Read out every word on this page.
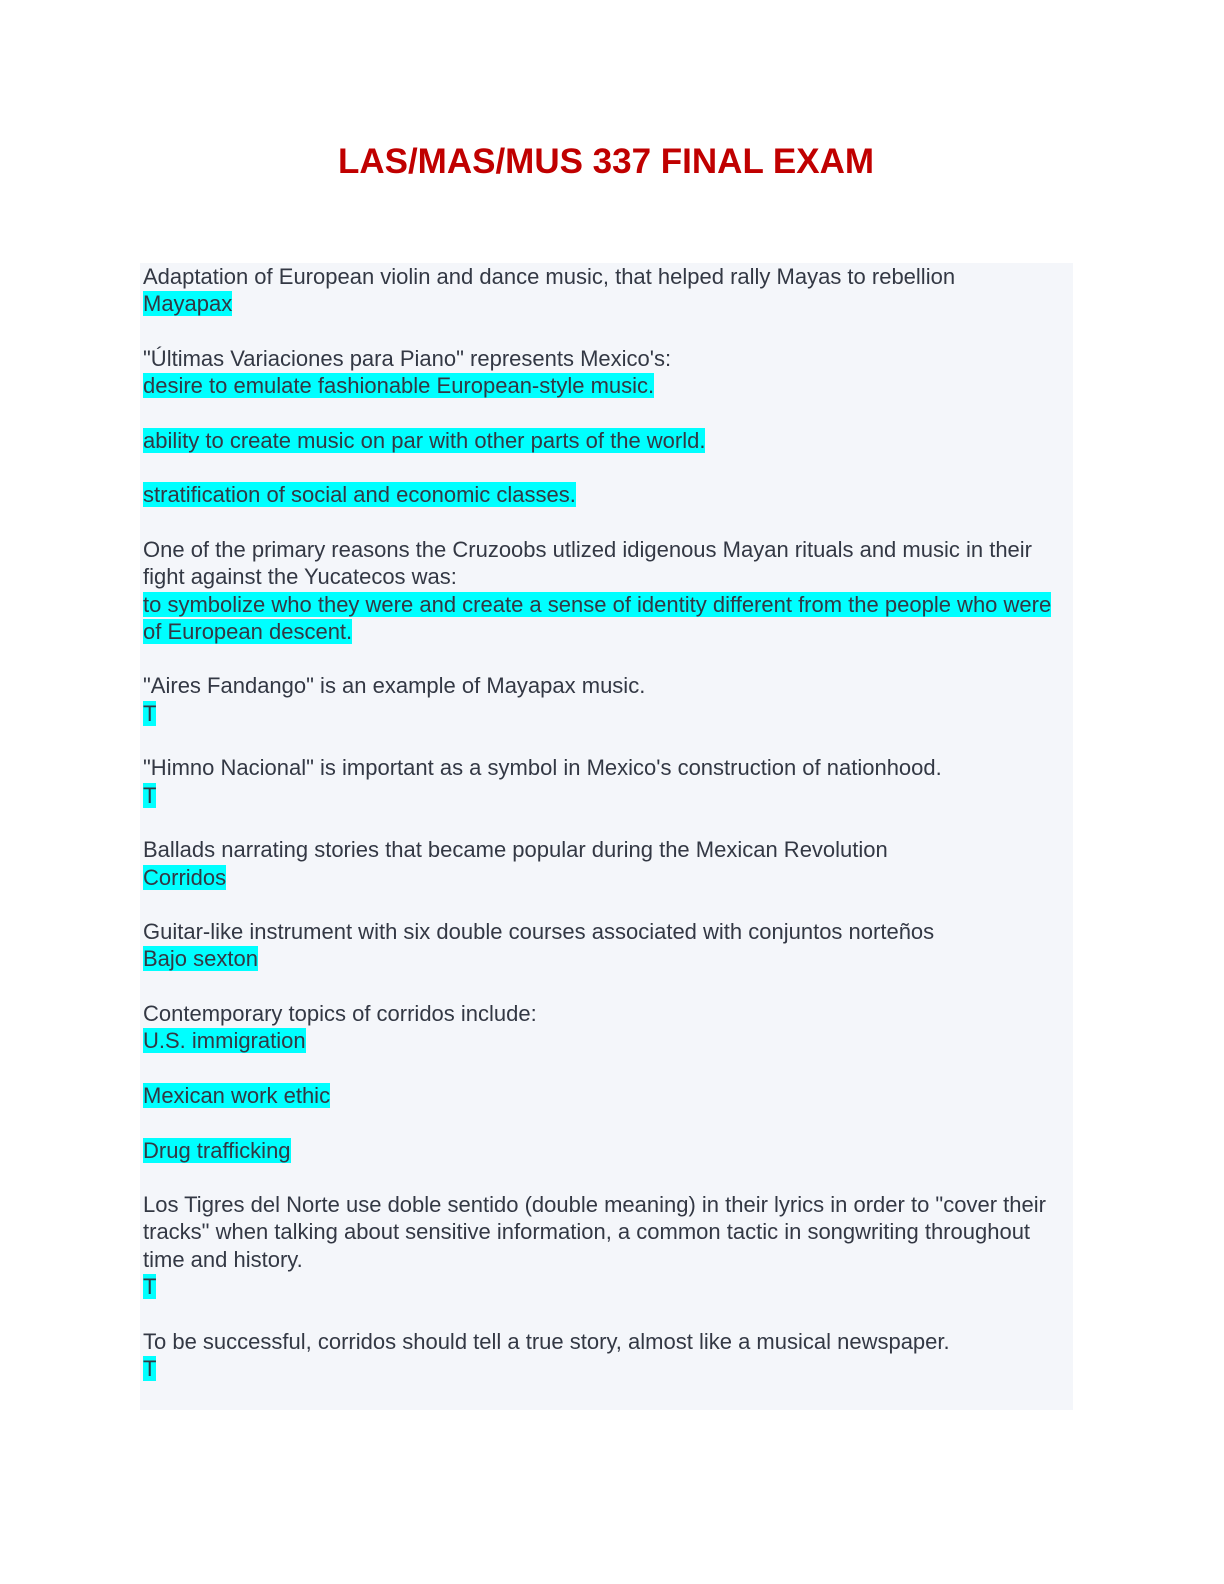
LAS/MAS/MUS 337 FINAL EXAM
Adaptation of European violin and dance music, that helped rally Mayas to rebellion
Mayapax
"Últimas Variaciones para Piano" represents Mexico's:
desire to emulate fashionable European-style music.
ability to create music on par with other parts of the world.
stratification of social and economic classes.
One of the primary reasons the Cruzoobs utlized idigenous Mayan rituals and music in their fight against the Yucatecos was:
to symbolize who they were and create a sense of identity different from the people who were of European descent.
"Aires Fandango" is an example of Mayapax music.
T
"Himno Nacional" is important as a symbol in Mexico's construction of nationhood.
T
Ballads narrating stories that became popular during the Mexican Revolution
Corridos
Guitar-like instrument with six double courses associated with conjuntos norteños
Bajo sexton
Contemporary topics of corridos include:
U.S. immigration
Mexican work ethic
Drug trafficking
Los Tigres del Norte use doble sentido (double meaning) in their lyrics in order to "cover their tracks" when talking about sensitive information, a common tactic in songwriting throughout time and history.
T
To be successful, corridos should tell a true story, almost like a musical newspaper.
T
